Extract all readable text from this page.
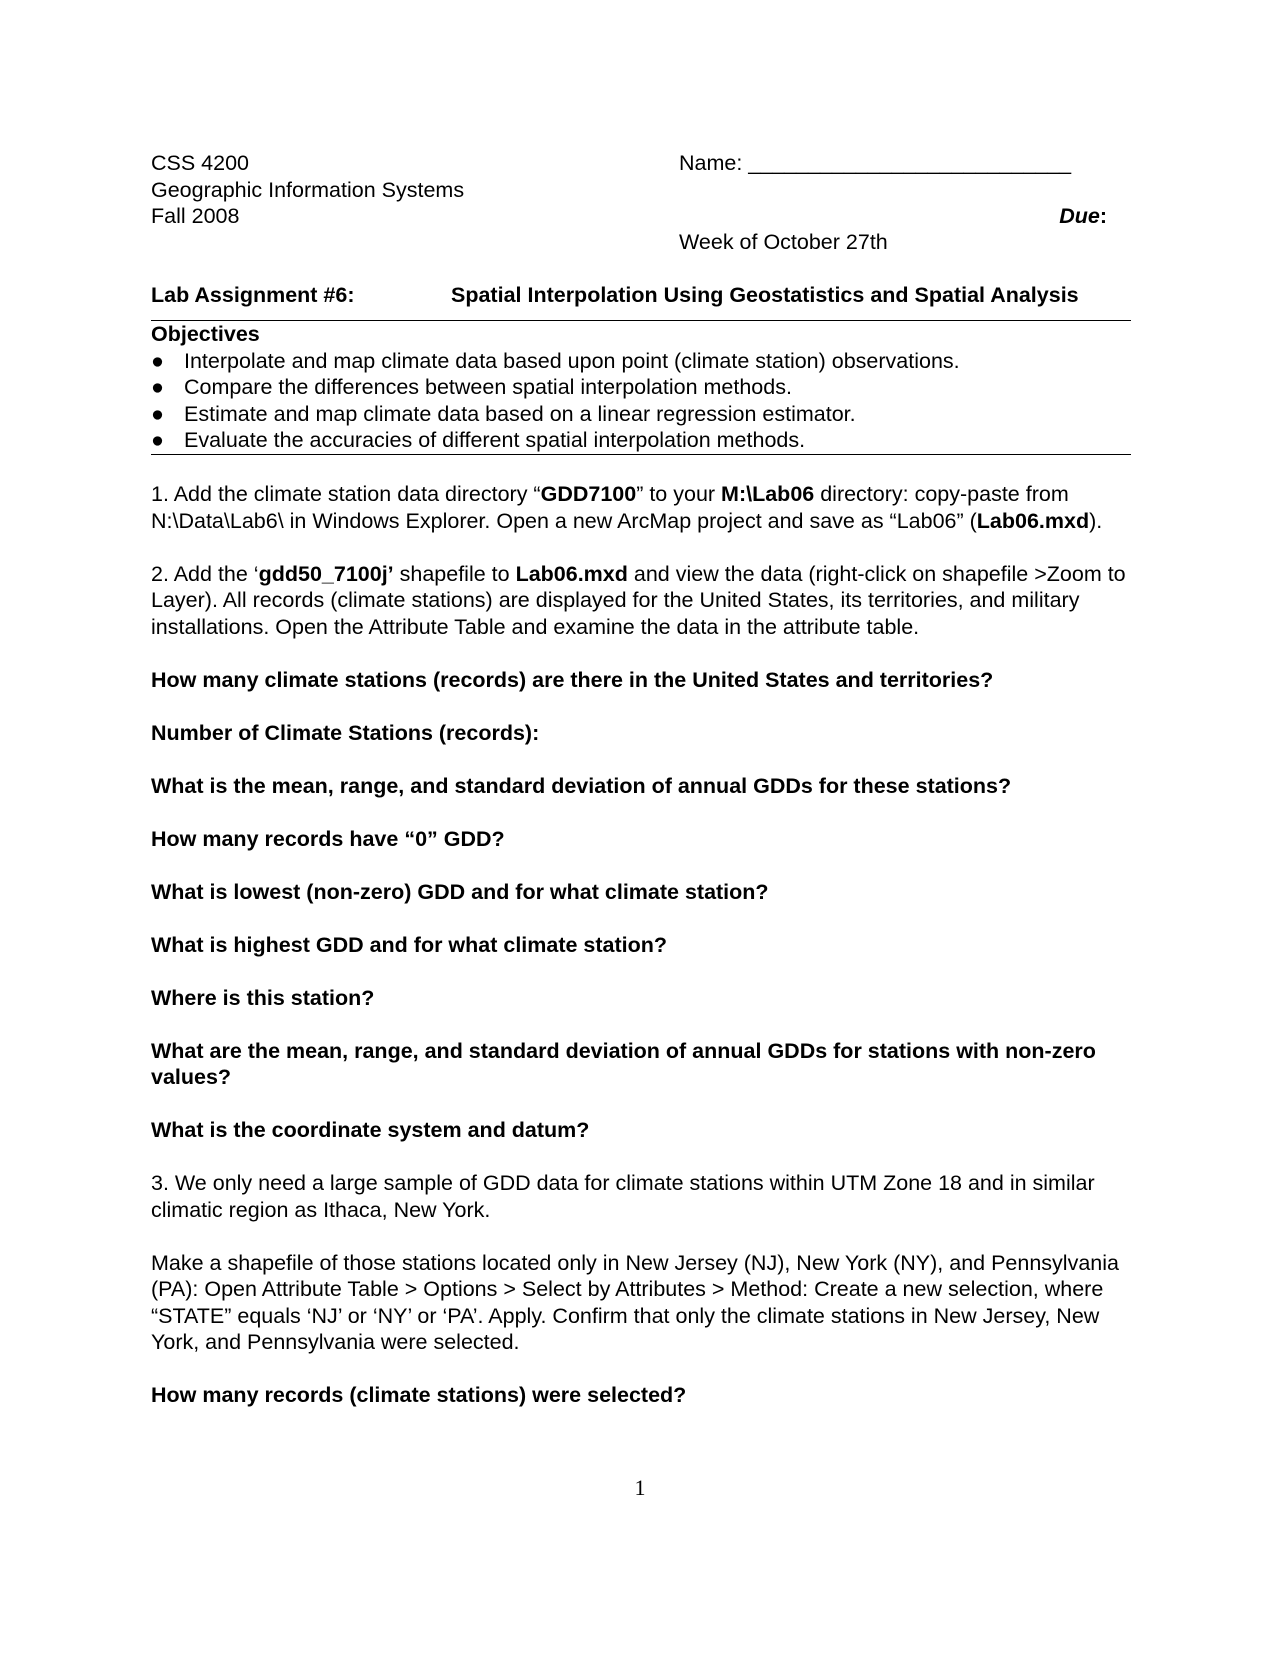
CSS 4200
Geographic Information Systems
Fall 2008
Name: ___________________________
Due:
Week of October 27th
Lab Assignment #6:	Spatial Interpolation Using Geostatistics and Spatial Analysis
Objectives
● Interpolate and map climate data based upon point (climate station) observations.
● Compare the differences between spatial interpolation methods.
● Estimate and map climate data based on a linear regression estimator.
● Evaluate the accuracies of different spatial interpolation methods.

1. Add the climate station data directory “GDD7100” to your M:\Lab06 directory: copy-paste from N:\Data\Lab6\ in Windows Explorer. Open a new ArcMap project and save as “Lab06” (Lab06.mxd).

2. Add the ‘gdd50_7100j’ shapefile to Lab06.mxd and view the data (right-click on shapefile >Zoom to Layer). All records (climate stations) are displayed for the United States, its territories, and military installations. Open the Attribute Table and examine the data in the attribute table.

How many climate stations (records) are there in the United States and territories?

Number of Climate Stations (records):

What is the mean, range, and standard deviation of annual GDDs for these stations?

How many records have “0” GDD?

What is lowest (non-zero) GDD and for what climate station?

What is highest GDD and for what climate station?

Where is this station?

What are the mean, range, and standard deviation of annual GDDs for stations with non-zero values?

What is the coordinate system and datum?

3. We only need a large sample of GDD data for climate stations within UTM Zone 18 and in similar climatic region as Ithaca, New York.

Make a shapefile of those stations located only in New Jersey (NJ), New York (NY), and Pennsylvania (PA): Open Attribute Table > Options > Select by Attributes > Method: Create a new selection, where “STATE” equals ‘NJ’ or ‘NY’ or ‘PA’. Apply. Confirm that only the climate stations in New Jersey, New York, and Pennsylvania were selected.

How many records (climate stations) were selected?

1
